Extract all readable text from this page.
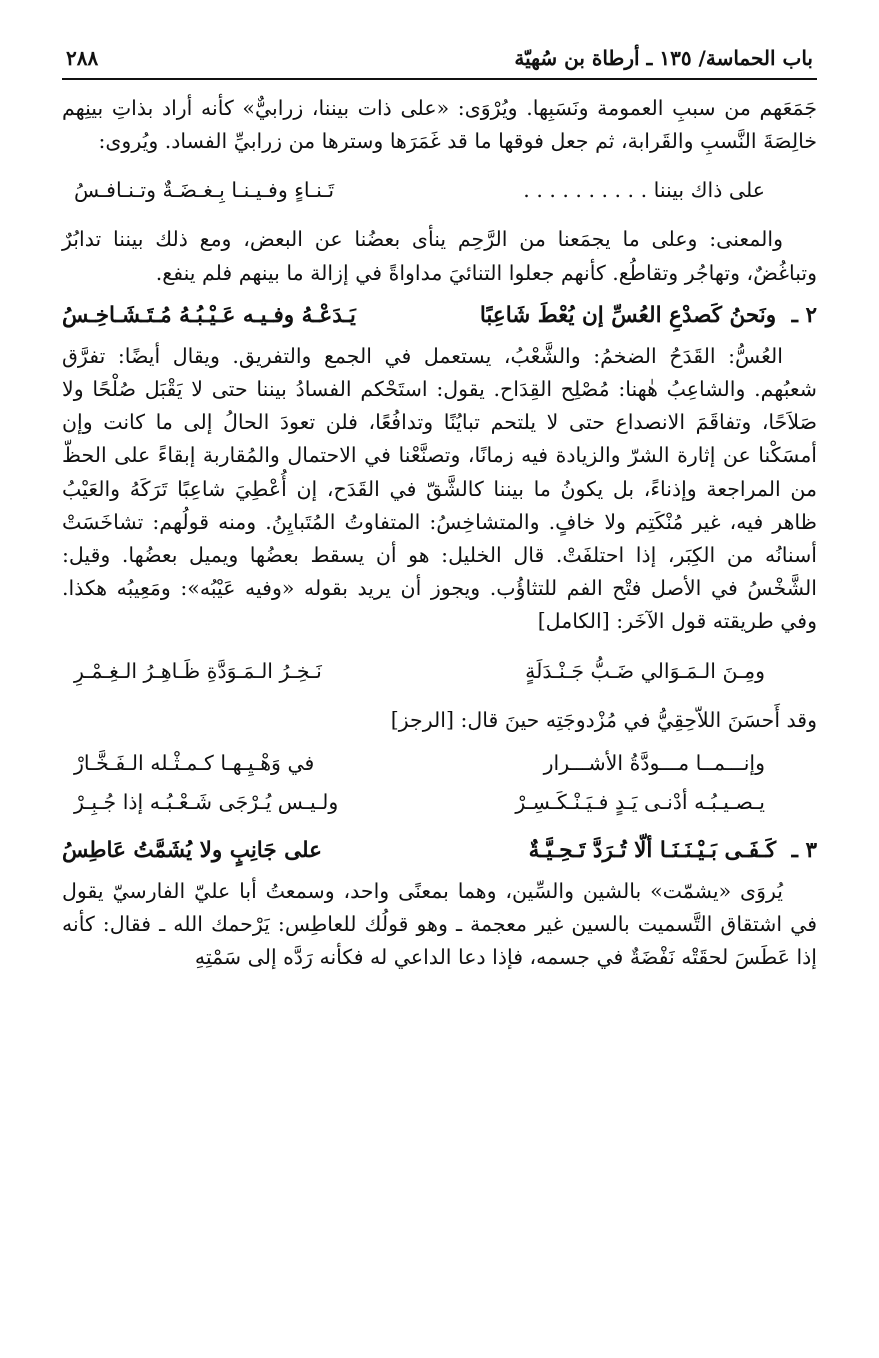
باب الحماسة/ ١٣٥ ـ أرطاة بن سُهيّة
٢٨٨

جَمَعَهم من سببِ العمومة ونَسَبِها. ويُرْوَى: «على ذات بيننا، زرابيٌّ» كأنه أراد بذاتِ بينِهم خالِصَةَ النَّسبِ والقَرابة، ثم جعل فوقها ما قد غَمَرَها وسترها من زرابيِّ الفساد. ويُروى:

على ذاك بيننا . . . . . . . . . .
تَـنـاءٍ وفـيـنـا بِـغـضَـةٌ وتـنـافـسُ

والمعنى: وعلى ما يجمَعنا من الرَّحِم ينأى بعضُنا عن البعض، ومع ذلك بيننا تدابُرٌ وتباغُضٌ، وتهاجُر وتقاطُع. كأنهم جعلوا التنائيَ مداواةً في إزالة ما بينهم فلم ينفع.

٢ ـ ونَحنُ كَصدْعِ العُسِّ إن يُعْطَ شَاعِبًا
يَـدَعْـهُ وفـيـه عَـيْـبُـهُ مُـتَـشَـاخِـسُ

العُسُّ: القَدَحُ الضخمُ: والشَّعْبُ، يستعمل في الجمع والتفريق. ويقال أيضًا: تفرَّق شعبُهم. والشاعِبُ هٰهنا: مُصْلِح القِدَاح. يقول: استَحْكم الفسادُ بيننا حتى لا يَقْبَل صُلْحًا ولا صَلاَحًا، وتفاقَمَ الانصداع حتى لا يلتحم تبايُنًا وتدافُعًا، فلن تعودَ الحالُ إلى ما كانت وإن أمسَكْنا عن إثارة الشرّ والزيادة فيه زمانًا، وتصنَّعْنا في الاحتمال والمُقاربة إبقاءً على الحظّ من المراجعة وإذناءً، بل يكونُ ما بيننا كالشَّقّ في القَدَح، إن أُعْطِيَ شاعِبًا تَرَكَهُ والعَيْبُ ظاهر فيه، غير مُنْكَتِم ولا خافٍ. والمتشاخِسُ: المتفاوتُ المُتَبايِنُ. ومنه قولُهم: تشاخَسَتْ أسنانُه من الكِبَر، إذا احتلفَتْ. قال الخليل: هو أن يسقط بعضُها ويميل بعضُها. وقيل: الشَّخْسُ في الأصل فتْح الفم للتثاؤُب. ويجوز أن يريد بقوله «وفيه عَيْبُه»: ومَعِيبُه هكذا. وفي طريقته قول الآخَر: [الكامل]

ومِـنَ الـمَـوَالي ضَـبُّ جَـنْـدَلَةٍ
نَـخِـرُ الـمَـوَدَّةِ ظَـاهِـرُ الـغِـمْـرِ

وقد أَحسَنَ اللاّحِقِيُّ في مُزْدوجَتِه حينَ قال: [الرجز]

وإنـــمــا مـــودَّةُ الأشـــرار
في وَهْـيِـهـا كـمـثْـله الـفَـخَّـارْ
يـصـيـبُـه أدْنـى يَـدٍ فـيَـنْـكَـسِـرْ
ولـيـس يُـرْجَى شَـعْـبُـه إذا جُـبِـرْ
٣ ـ كَـفَـى بَـيْـنَـنَـا ألّا تُـرَدَّ تَـحِـيَّـةٌ
على جَانِبٍ ولا يُشَمَّتُ عَاطِسُ

يُروَى «يشمّت» بالشين والسِّين، وهما بمعنًى واحد، وسمعتُ أبا عليّ الفارسيّ يقول في اشتقاق التَّسميت بالسين غير معجمة ـ وهو قولُك للعاطِس: يَرْحمك الله ـ فقال: كأنه إذا عَطَسَ لحقَتْه نَفْضَةٌ في جسمه، فإذا دعا الداعي له فكأنه رَدَّه إلى سَمْتِهِ
